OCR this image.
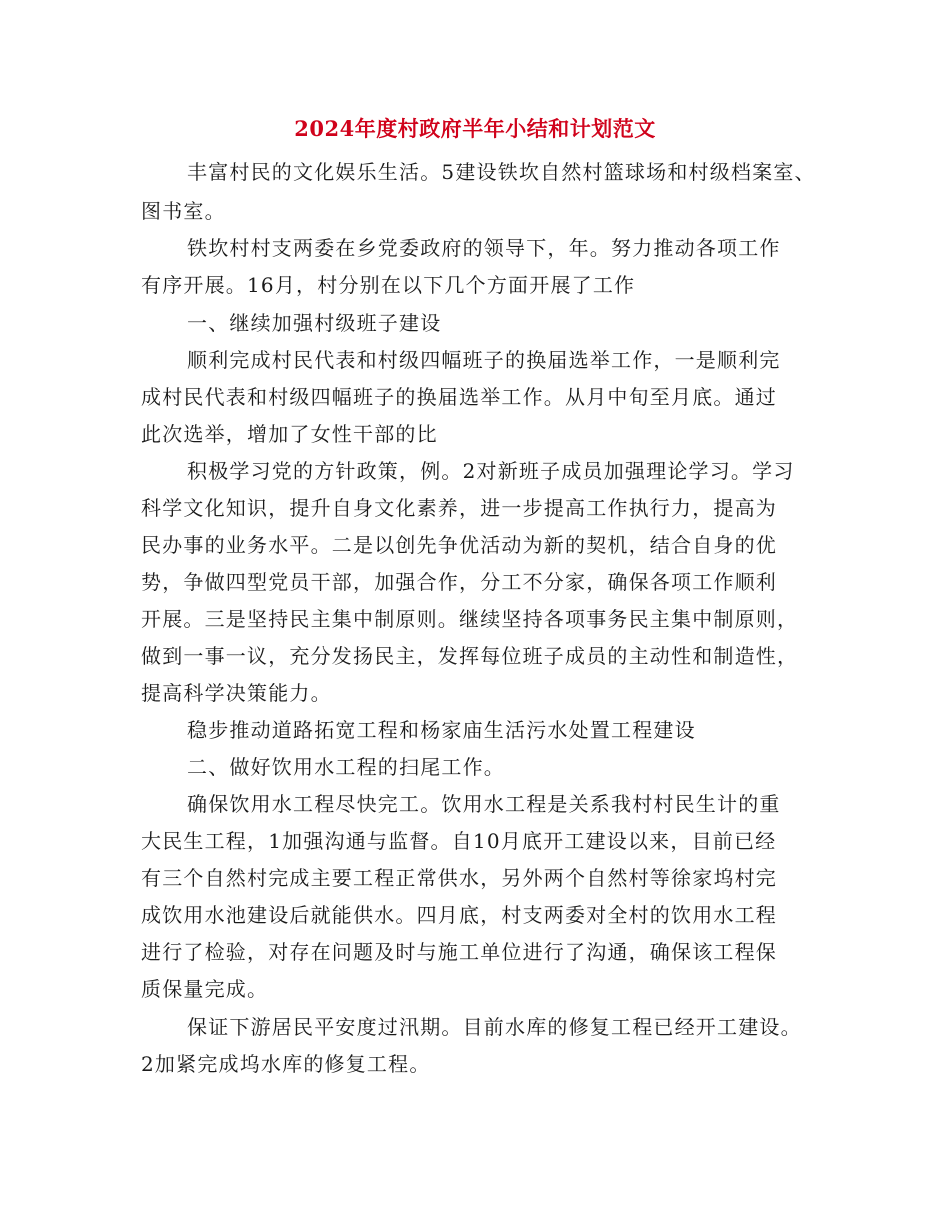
2024年度村政府半年小结和计划范文
丰富村民的文化娱乐生活。5建设铁坎自然村篮球场和村级档案室、
图书室。
铁坎村村支两委在乡党委政府的领导下，年。努力推动各项工作
有序开展。16月，村分别在以下几个方面开展了工作
一、继续加强村级班子建设
顺利完成村民代表和村级四幅班子的换届选举工作，一是顺利完
成村民代表和村级四幅班子的换届选举工作。从月中旬至月底。通过
此次选举，增加了女性干部的比
积极学习党的方针政策，例。2对新班子成员加强理论学习。学习
科学文化知识，提升自身文化素养，进一步提高工作执行力，提高为
民办事的业务水平。二是以创先争优活动为新的契机，结合自身的优
势，争做四型党员干部，加强合作，分工不分家，确保各项工作顺利
开展。三是坚持民主集中制原则。继续坚持各项事务民主集中制原则，
做到一事一议，充分发扬民主，发挥每位班子成员的主动性和制造性，
提高科学决策能力。
稳步推动道路拓宽工程和杨家庙生活污水处置工程建设
二、做好饮用水工程的扫尾工作。
确保饮用水工程尽快完工。饮用水工程是关系我村村民生计的重
大民生工程，1加强沟通与监督。自10月底开工建设以来，目前已经
有三个自然村完成主要工程正常供水，另外两个自然村等徐家坞村完
成饮用水池建设后就能供水。四月底，村支两委对全村的饮用水工程
进行了检验，对存在问题及时与施工单位进行了沟通，确保该工程保
质保量完成。
保证下游居民平安度过汛期。目前水库的修复工程已经开工建设。
2加紧完成坞水库的修复工程。
